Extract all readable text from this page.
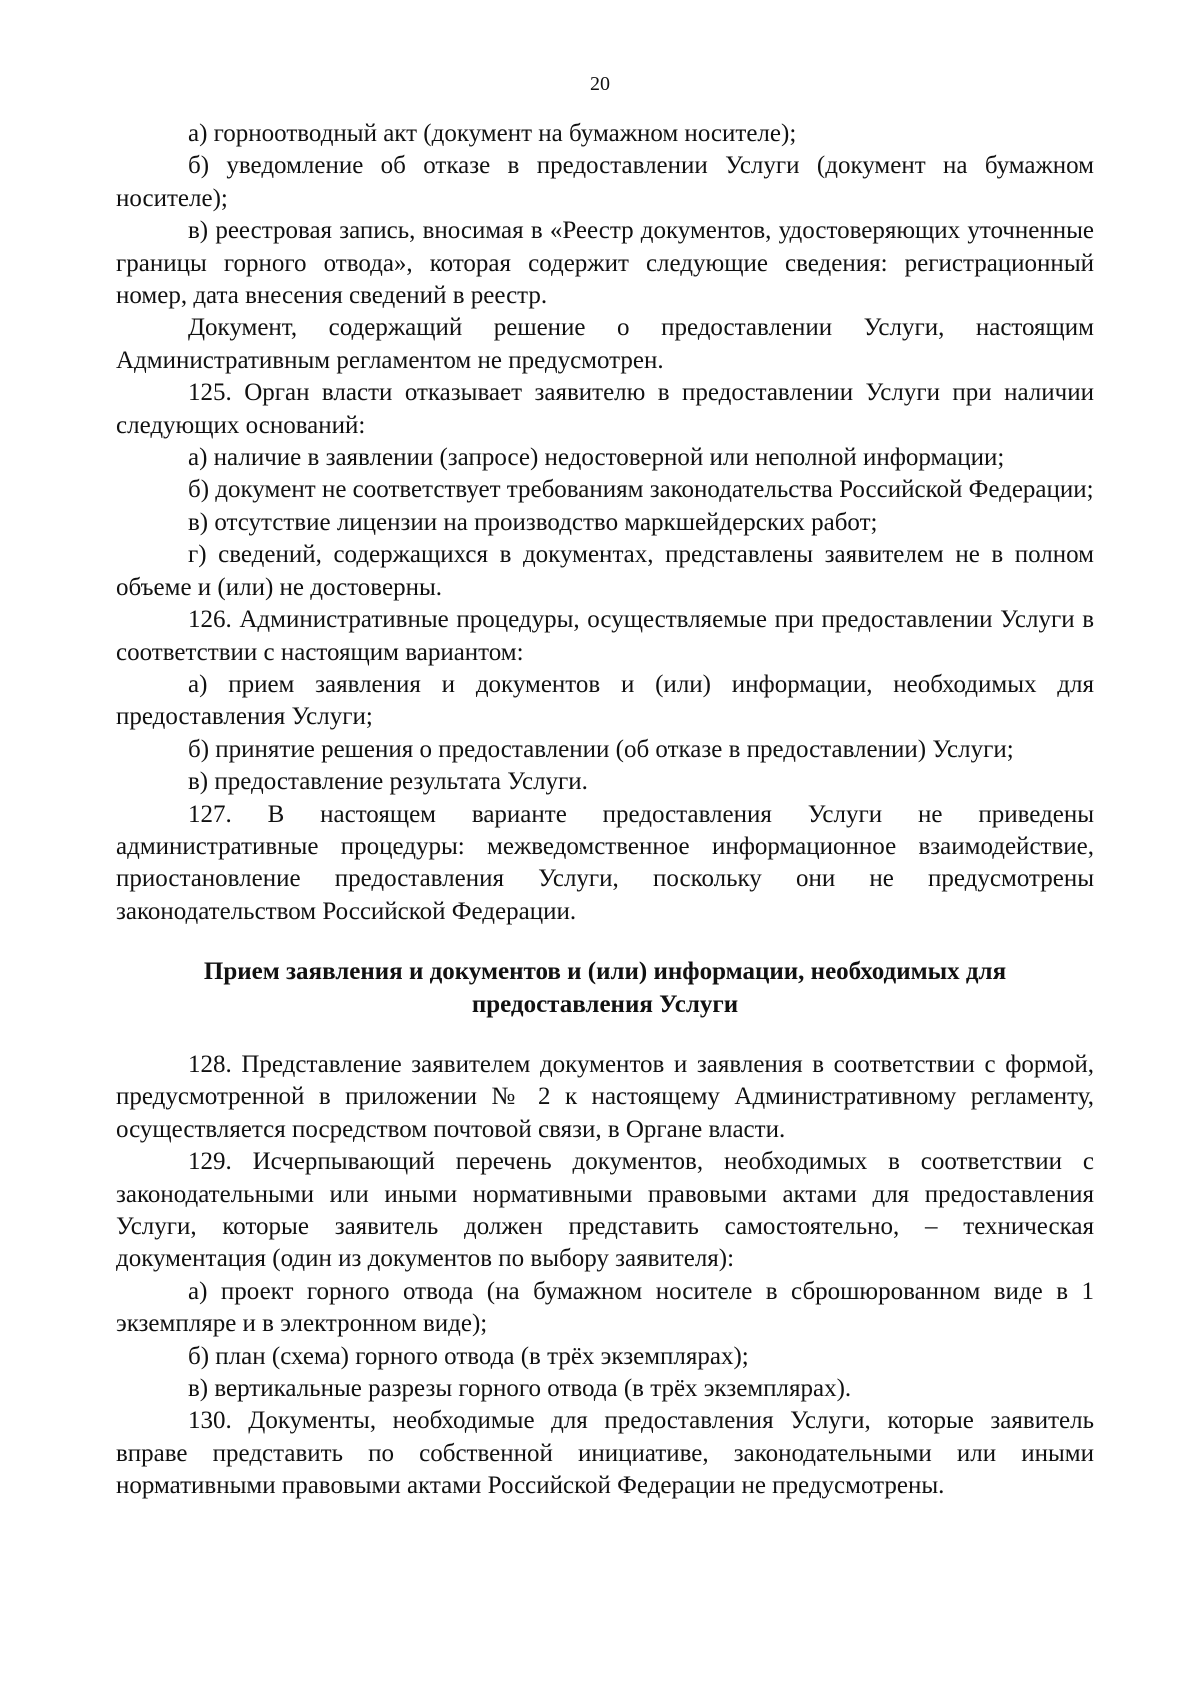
20

а) горноотводный акт (документ на бумажном носителе);

б) уведомление об отказе в предоставлении Услуги (документ на бумажном носителе);

в) реестровая запись, вносимая в «Реестр документов, удостоверяющих уточненные границы горного отвода», которая содержит следующие сведения: регистрационный номер, дата внесения сведений в реестр.

Документ, содержащий решение о предоставлении Услуги, настоящим Административным регламентом не предусмотрен.

125. Орган власти отказывает заявителю в предоставлении Услуги при наличии следующих оснований:

а) наличие в заявлении (запросе) недостоверной или неполной информации;

б) документ не соответствует требованиям законодательства Российской Федерации;

в) отсутствие лицензии на производство маркшейдерских работ;

г) сведений, содержащихся в документах, представлены заявителем не в полном объеме и (или) не достоверны.

126. Административные процедуры, осуществляемые при предоставлении Услуги в соответствии с настоящим вариантом:

а) прием заявления и документов и (или) информации, необходимых для предоставления Услуги;

б) принятие решения о предоставлении (об отказе в предоставлении) Услуги;

в) предоставление результата Услуги.

127. В настоящем варианте предоставления Услуги не приведены административные процедуры: межведомственное информационное взаимодействие, приостановление предоставления Услуги, поскольку они не предусмотрены законодательством Российской Федерации.

Прием заявления и документов и (или) информации, необходимых для предоставления Услуги

128. Представление заявителем документов и заявления в соответствии с формой, предусмотренной в приложении № 2 к настоящему Административному регламенту, осуществляется посредством почтовой связи, в Органе власти.

129. Исчерпывающий перечень документов, необходимых в соответствии с законодательными или иными нормативными правовыми актами для предоставления Услуги, которые заявитель должен представить самостоятельно, – техническая документация (один из документов по выбору заявителя):

а) проект горного отвода (на бумажном носителе в сброшюрованном виде в 1 экземпляре и в электронном виде);

б) план (схема) горного отвода (в трёх экземплярах);

в) вертикальные разрезы горного отвода (в трёх экземплярах).

130. Документы, необходимые для предоставления Услуги, которые заявитель вправе представить по собственной инициативе, законодательными или иными нормативными правовыми актами Российской Федерации не предусмотрены.
